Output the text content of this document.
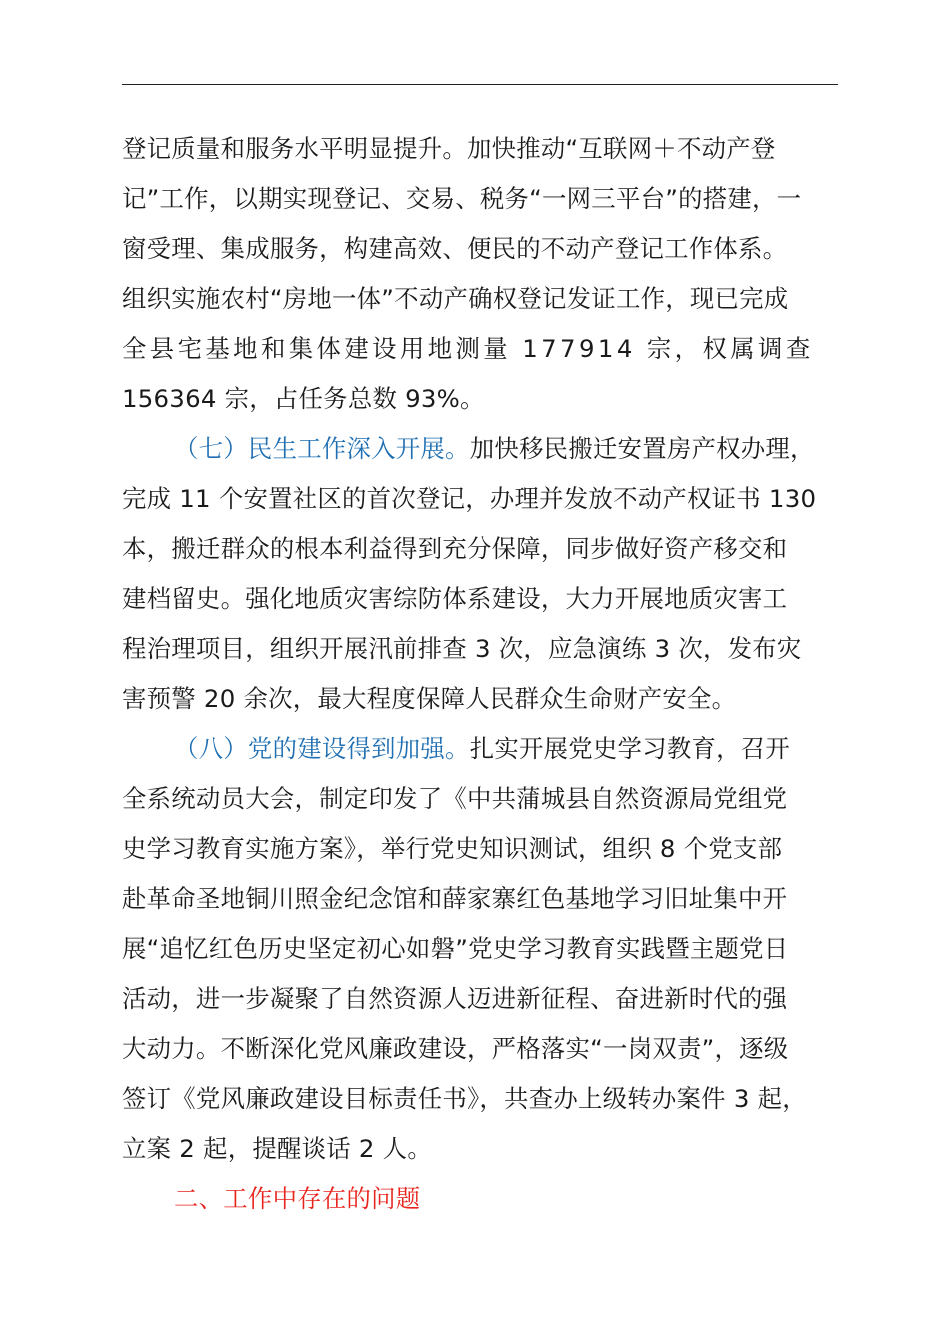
登记质量和服务水平明显提升。加快推动“互联网＋不动产登
记”工作，以期实现登记、交易、税务“一网三平台”的搭建，一
窗受理、集成服务，构建高效、便民的不动产登记工作体系。
组织实施农村“房地一体”不动产确权登记发证工作，现已完成
全县宅基地和集体建设用地测量 177914 宗，权属调查
156364 宗，占任务总数 93%。
（七）民生工作深入开展。加快移民搬迁安置房产权办理，
完成 11 个安置社区的首次登记，办理并发放不动产权证书 130
本，搬迁群众的根本利益得到充分保障，同步做好资产移交和
建档留史。强化地质灾害综防体系建设，大力开展地质灾害工
程治理项目，组织开展汛前排查 3 次，应急演练 3 次，发布灾
害预警 20 余次，最大程度保障人民群众生命财产安全。
（八）党的建设得到加强。扎实开展党史学习教育，召开
全系统动员大会，制定印发了《中共蒲城县自然资源局党组党
史学习教育实施方案》，举行党史知识测试，组织 8 个党支部
赴革命圣地铜川照金纪念馆和薛家寨红色基地学习旧址集中开
展“追忆红色历史坚定初心如磐”党史学习教育实践暨主题党日
活动，进一步凝聚了自然资源人迈进新征程、奋进新时代的强
大动力。不断深化党风廉政建设，严格落实“一岗双责”，逐级
签订《党风廉政建设目标责任书》，共查办上级转办案件 3 起，
立案 2 起，提醒谈话 2 人。
二、工作中存在的问题
